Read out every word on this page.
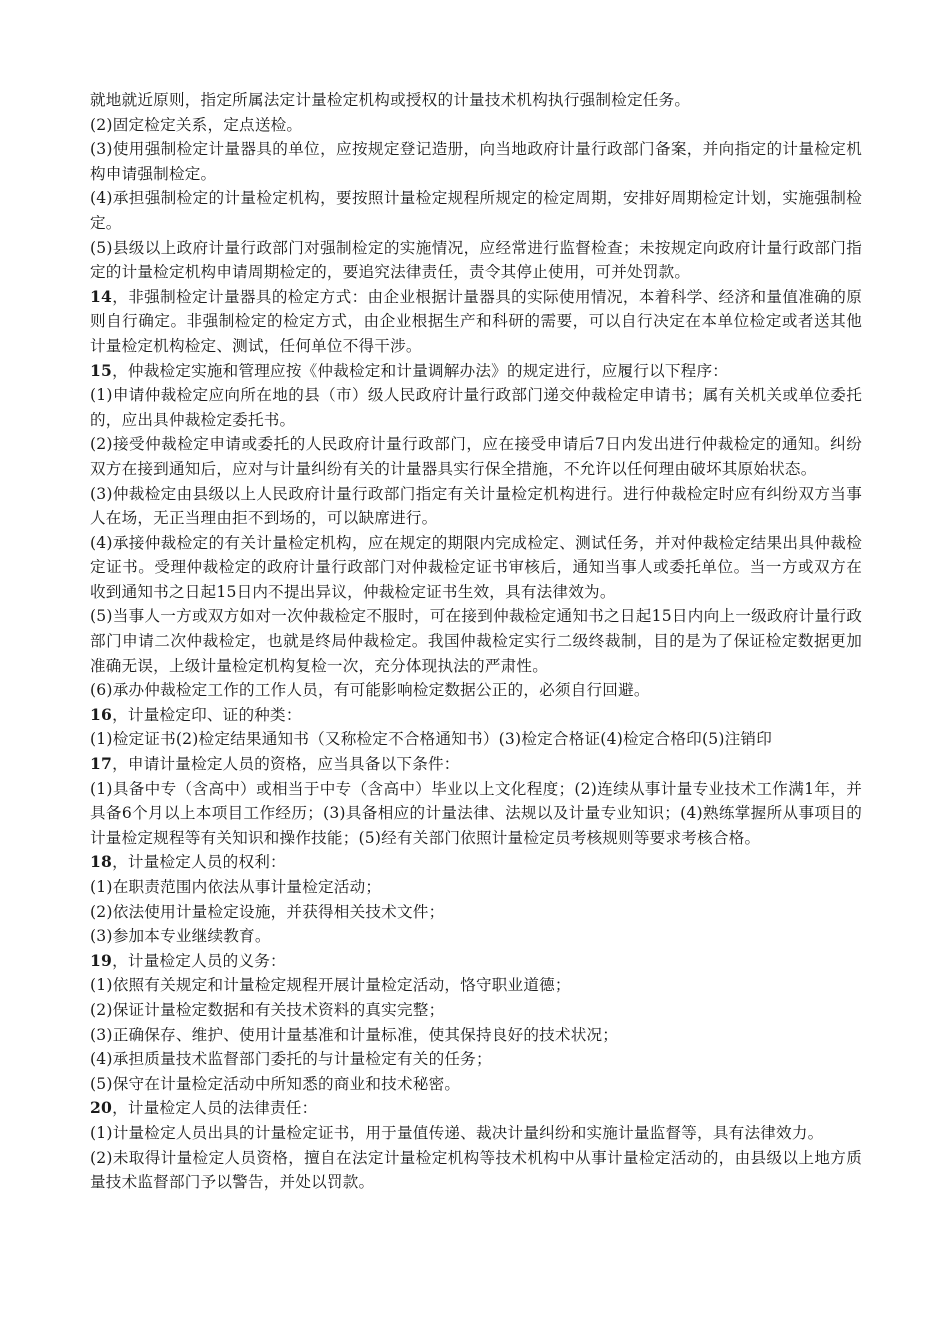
就地就近原则，指定所属法定计量检定机构或授权的计量技术机构执行强制检定任务。

(2)固定检定关系，定点送检。

(3)使用强制检定计量器具的单位，应按规定登记造册，向当地政府计量行政部门备案，并向指定的计量检定机构申请强制检定。

(4)承担强制检定的计量检定机构，要按照计量检定规程所规定的检定周期，安排好周期检定计划，实施强制检定。

(5)县级以上政府计量行政部门对强制检定的实施情况，应经常进行监督检查；未按规定向政府计量行政部门指定的计量检定机构申请周期检定的，要追究法律责任，责令其停止使用，可并处罚款。

14，非强制检定计量器具的检定方式：由企业根据计量器具的实际使用情况，本着科学、经济和量值准确的原则自行确定。非强制检定的检定方式，由企业根据生产和科研的需要，可以自行决定在本单位检定或者送其他计量检定机构检定、测试，任何单位不得干涉。

15，仲裁检定实施和管理应按《仲裁检定和计量调解办法》的规定进行，应履行以下程序：

(1)申请仲裁检定应向所在地的县（市）级人民政府计量行政部门递交仲裁检定申请书；属有关机关或单位委托的，应出具仲裁检定委托书。

(2)接受仲裁检定申请或委托的人民政府计量行政部门，应在接受申请后7日内发出进行仲裁检定的通知。纠纷双方在接到通知后，应对与计量纠纷有关的计量器具实行保全措施，不允许以任何理由破坏其原始状态。

(3)仲裁检定由县级以上人民政府计量行政部门指定有关计量检定机构进行。进行仲裁检定时应有纠纷双方当事人在场，无正当理由拒不到场的，可以缺席进行。

(4)承接仲裁检定的有关计量检定机构，应在规定的期限内完成检定、测试任务，并对仲裁检定结果出具仲裁检定证书。受理仲裁检定的政府计量行政部门对仲裁检定证书审核后，通知当事人或委托单位。当一方或双方在收到通知书之日起15日内不提出异议，仲裁检定证书生效，具有法律效为。

(5)当事人一方或双方如对一次仲裁检定不服时，可在接到仲裁检定通知书之日起15日内向上一级政府计量行政部门申请二次仲裁检定，也就是终局仲裁检定。我国仲裁检定实行二级终裁制，目的是为了保证检定数据更加准确无误，上级计量检定机构复检一次，充分体现执法的严肃性。

(6)承办仲裁检定工作的工作人员，有可能影响检定数据公正的，必须自行回避。

16，计量检定印、证的种类：

(1)检定证书(2)检定结果通知书（又称检定不合格通知书）(3)检定合格证(4)检定合格印(5)注销印

17，申请计量检定人员的资格，应当具备以下条件：

(1)具备中专（含高中）或相当于中专（含高中）毕业以上文化程度；(2)连续从事计量专业技术工作满1年，并具备6个月以上本项目工作经历；(3)具备相应的计量法律、法规以及计量专业知识；(4)熟练掌握所从事项目的计量检定规程等有关知识和操作技能；(5)经有关部门依照计量检定员考核规则等要求考核合格。

18，计量检定人员的权利：

(1)在职责范围内依法从事计量检定活动；

(2)依法使用计量检定设施，并获得相关技术文件；

(3)参加本专业继续教育。

19，计量检定人员的义务：

(1)依照有关规定和计量检定规程开展计量检定活动，恪守职业道德；

(2)保证计量检定数据和有关技术资料的真实完整；

(3)正确保存、维护、使用计量基准和计量标准，使其保持良好的技术状况；

(4)承担质量技术监督部门委托的与计量检定有关的任务；

(5)保守在计量检定活动中所知悉的商业和技术秘密。

20，计量检定人员的法律责任：

(1)计量检定人员出具的计量检定证书，用于量值传递、裁决计量纠纷和实施计量监督等，具有法律效力。

(2)未取得计量检定人员资格，擅自在法定计量检定机构等技术机构中从事计量检定活动的，由县级以上地方质量技术监督部门予以警告，并处以罚款。
